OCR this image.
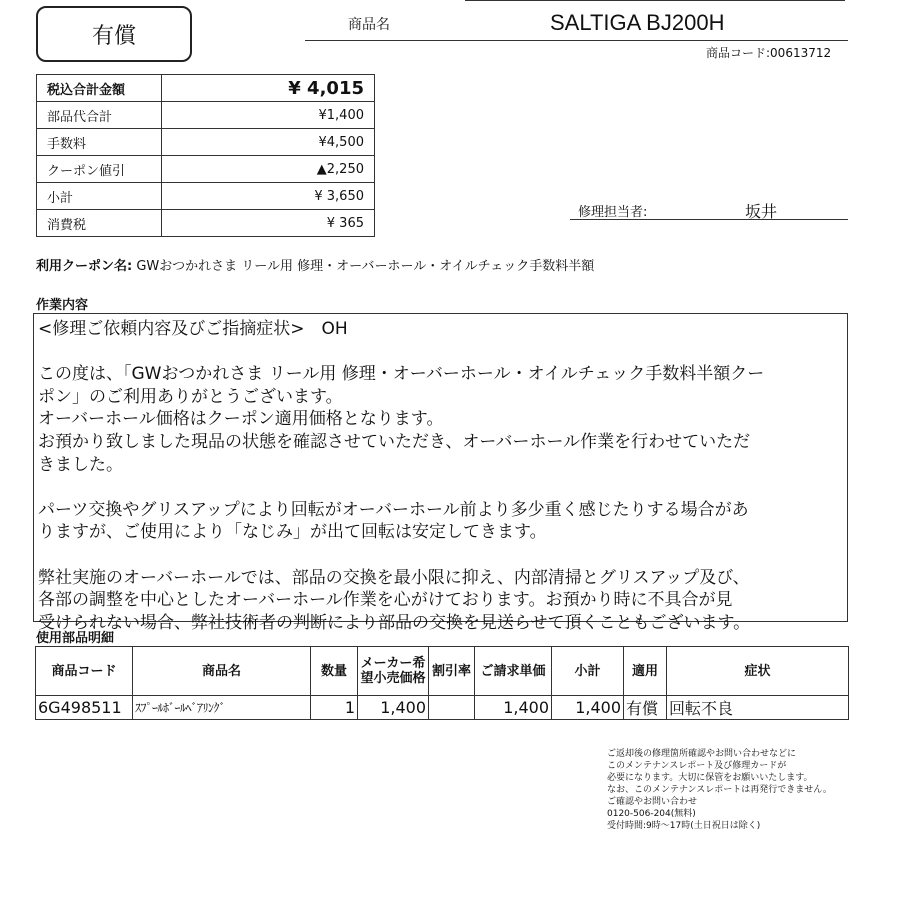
有償	商品名	SALTIGA BJ200H
商品コード:00613712
税込合計金額	¥ 4,015
部品代合計	¥1,400
手数料	¥4,500
クーポン値引	▲2,250
小計	¥ 3,650
消費税	¥ 365
修理担当者:	坂井
利用クーポン名: GWおつかれさま リール用 修理・オーバーホール・オイルチェック手数料半額
作業内容

<修理ご依頼内容及びご指摘症状>　OH

この度は、「GWおつかれさま リール用 修理・オーバーホール・オイルチェック手数料半額クー

ポン」のご利用ありがとうございます。

オーバーホール価格はクーポン適用価格となります。

お預かり致しました現品の状態を確認させていただき、オーバーホール作業を行わせていただ

きました。

パーツ交換やグリスアップにより回転がオーバーホール前より多少重く感じたりする場合があ

りますが、ご使用により「なじみ」が出て回転は安定してきます。

弊社実施のオーバーホールでは、部品の交換を最小限に抑え、内部清掃とグリスアップ及び、

各部の調整を中心としたオーバーホール作業を心がけております。お預かり時に不具合が見

受けられない場合、弊社技術者の判断により部品の交換を見送らせて頂くこともございます。

使用部品明細
商品コード	商品名	数量	メーカー希望小売価格	割引率	ご請求単価	小計	適用	症状
6G498511	ｽﾌﾟｰﾙﾎﾞｰﾙﾍﾞｱﾘﾝｸﾞ	1	1,400		1,400	1,400	有償	回転不良
ご返却後の修理箇所確認やお問い合わせなどに
このメンテナンスレポート及び修理カードが
必要になります。大切に保管をお願いいたします。
なお、このメンテナンスレポートは再発行できません。
ご確認やお問い合わせ
0120-506-204(無料)
受付時間:9時〜17時(土日祝日は除く)
